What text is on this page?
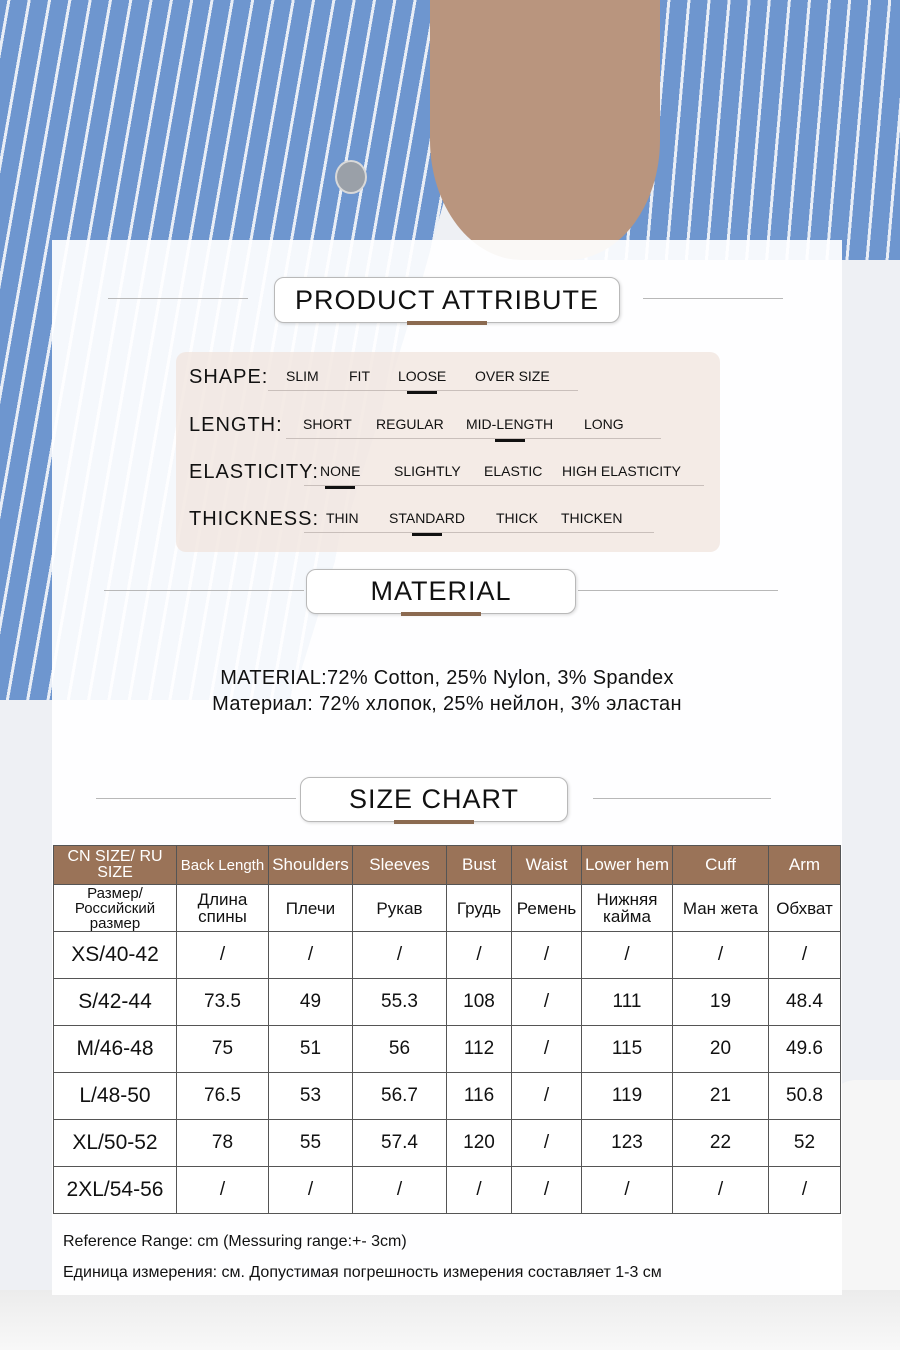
PRODUCT ATTRIBUTE
SHAPE: SLIM FIT LOOSE OVER SIZE
LENGTH: SHORT REGULAR MID-LENGTH LONG
ELASTICITY: NONE SLIGHTLY ELASTIC HIGH ELASTICITY
THICKNESS: THIN STANDARD THICK THICKEN
MATERIAL
MATERIAL:72% Cotton, 25% Nylon, 3% Spandex
Материал: 72% хлопок, 25% нейлон, 3% эластан
SIZE CHART
CN SIZE/ RU SIZE	Back Length	Shoulders	Sleeves	Bust	Waist	Lower hem	Cuff	Arm
Размер/ Российский размер	Длина спины	Плечи	Рукав	Грудь	Ремень	Нижняя кайма	Ман жета	Обхват
XS/40-42	/	/	/	/	/	/	/	/
S/42-44	73.5	49	55.3	108	/	111	19	48.4
M/46-48	75	51	56	112	/	115	20	49.6
L/48-50	76.5	53	56.7	116	/	119	21	50.8
XL/50-52	78	55	57.4	120	/	123	22	52
2XL/54-56	/	/	/	/	/	/	/	/
Reference Range: cm (Messuring range:+- 3cm)
Единица измерения: см. Допустимая погрешность измерения составляет 1-3 см
